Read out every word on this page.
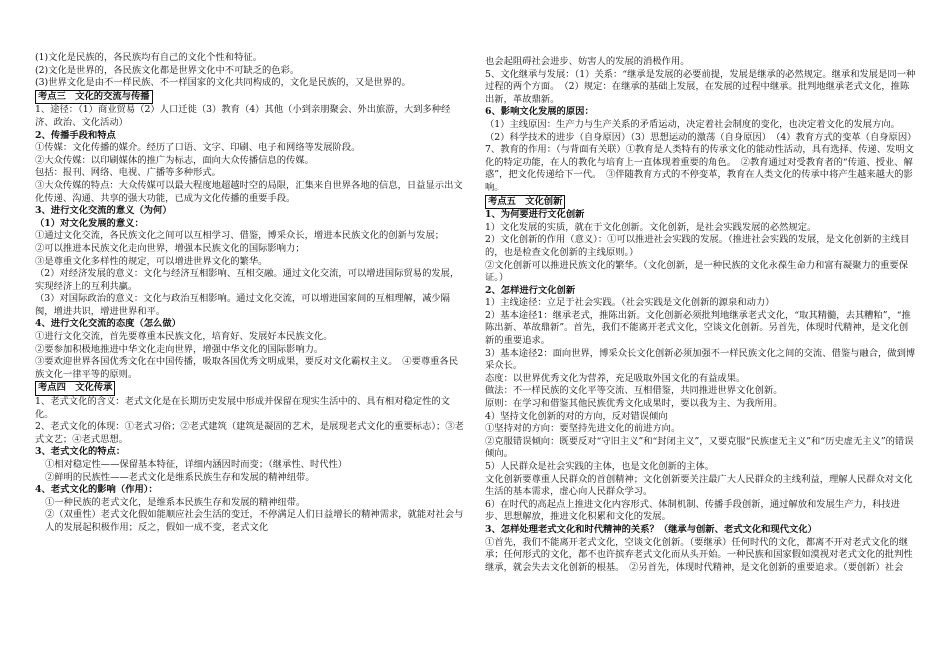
(1)文化是民族的，各民族均有自己的文化个性和特征。

(2)文化是世界的，各民族文化都是世界文化中不可缺乏的色彩。

(3)世界文化是由不一样民族、不一样国家的文化共同构成的，文化是民族的，又是世界的。

考点三　文化的交流与传播

1、途径：（1）商业贸易（2）人口迁徙（3）教育（4）其他（小到亲朋聚会、外出旅游，大到多种经济、政治、文化活动）

2、传播手段和特点

①传媒：文化传播的媒介。经历了口语、文字、印刷、电子和网络等发展阶段。

②大众传媒：以印刷媒体的推广为标志，面向大众传播信息的传媒。

包括：报刊、网络、电视、广播等多种形式。

③大众传媒的特点：大众传媒可以最大程度地超越时空的局限，汇集来自世界各地的信息，日益显示出文化传递、沟通、共享的强大功能，已成为文化传播的重要手段。

3、进行文化交流的意义（为何）

（1）对文化发展的意义：

①通过文化交流，各民族文化之间可以互相学习、借鉴，博采众长，增进本民族文化的创新与发展；

②可以推进本民族文化走向世界，增强本民族文化的国际影响力；

③是尊重文化多样性的规定，可以增进世界文化的繁华。

（2）对经济发展的意义：文化与经济互相影响、互相交融。通过文化交流，可以增进国际贸易的发展，实现经济上的互利共赢。

（3）对国际政治的意义：文化与政治互相影响。通过文化交流，可以增进国家间的互相理解，减少隔阂，增进共识，增进世界和平。

4、进行文化交流的态度（怎么做）

①进行文化交流，首先要尊重本民族文化，培育好、发展好本民族文化。

②要参加积极地推进中华文化走向世界，增强中华文化的国际影响力。

③要欢迎世界各国优秀文化在中国传播，吸取各国优秀文明成果，要反对文化霸权主义。　④要尊重各民族文化一律平等的原则。

考点四　文化传承

1、老式文化的含义：老式文化是在长期历史发展中形成并保留在现实生活中的、具有相对稳定性的文化。

2、老式文化的体现：①老式习俗；②老式建筑（建筑是凝固的艺术，是展现老式文化的重要标志）；③老式文艺；④老式思想。

3、老式文化的特点：

①相对稳定性——保留基本特征，详细内涵因时而变；（继承性、时代性）

②鲜明的民族性——老式文化是维系民族生存和发展的精神纽带。

4、老式文化的影响（作用）：

①一种民族的老式文化，是维系本民族生存和发展的精神纽带。

②（双重性）老式文化假如能顺应社会生活的变迁，不停满足人们日益增长的精神需求，就能对社会与人的发展起积极作用；反之，假如一成不变，老式文化

也会起阻碍社会进步、妨害人的发展的消极作用。

5、文化继承与发展：（1）关系：“继承是发展的必要前提，发展是继承的必然规定。继承和发展是同一种过程的两个方面。　（2）规定：在继承的基础上发展，在发展的过程中继承。批判地继承老式文化，推陈出新，革故鼎新。

6、影响文化发展的原因：

（1）主线原因：生产力与生产关系的矛盾运动，决定着社会制度的变化，也决定着文化的发展方向。　（2）科学技术的进步（自身原因）（3）思想运动的激荡（自身原因）　（4）教育方式的变革（自身原因）

7、教育的作用：（与背面有关联）①教育是人类特有的传承文化的能动性活动，具有选择、传递、发明文化的特定功能，在人的教化与培育上一直体现着重要的角色。　②教育通过对受教育者的“传道、授业、解惑”，把文化传递给下一代。　③伴随教育方式的不停变革，教育在人类文化的传承中将产生越来越大的影响。

考点五　文化创新

1、为何要进行文化创新

1）文化发展的实质，就在于文化创新。文化创新，是社会实践发展的必然规定。

2）文化创新的作用（意义）：①可以推进社会实践的发展。（推进社会实践的发展，是文化创新的主线目的，也是检查文化创新的主线原则。）

②文化创新可以推进民族文化的繁华。（文化创新，是一种民族的文化永葆生命力和富有凝聚力的重要保证。）

2、怎样进行文化创新

1）主线途径：立足于社会实践。（社会实践是文化创新的源泉和动力）

2）基本途径1：继承老式，推陈出新。文化创新必须批判地继承老式文化，“取其精髓，去其糟粕”，“推陈出新、革故鼎新”。首先，我们不能离开老式文化，空谈文化创新。另首先，体现时代精神，是文化创新的重要追求。

3）基本途径2：面向世界，博采众长文化创新必须加强不一样民族文化之间的交流、借鉴与融合，做到博采众长。

态度：以世界优秀文化为营养，充足吸取外国文化的有益成果。

做法：不一样民族的文化平等交流、互相借鉴，共同推进世界文化创新。

原则：在学习和借鉴其他民族优秀文化成果时，要以我为主、为我所用。

4）坚持文化创新的对的方向，反对错误倾向

①坚持对的方向：要坚持先进文化的前进方向。

②克服错误倾向：既要反对“守旧主义”和“封闭主义”，又要克服“民族虚无主义”和“历史虚无主义”的错误倾向。

5）人民群众是社会实践的主体，也是文化创新的主体。

文化创新要尊重人民群众的首创精神；文化创新要关注最广大人民群众的主线利益，理解人民群众对文化生活的基本需求，虚心向人民群众学习。

6）在时代的高起点上推进文化内容形式、体制机制、传播手段创新，通过解放和发展生产力，科技进步、思想解放，推进文化积累和文化的发展。

3、怎样处理老式文化和时代精神的关系？（继承与创新、老式文化和现代文化）

①首先，我们不能离开老式文化，空谈文化创新。（要继承）任何时代的文化，都离不开对老式文化的继承；任何形式的文化，都不也许摈弃老式文化而从头开始。一种民族和国家假如漠视对老式文化的批判性继承，就会失去文化创新的根基。　②另首先，体现时代精神，是文化创新的重要追求。（要创新）社会
